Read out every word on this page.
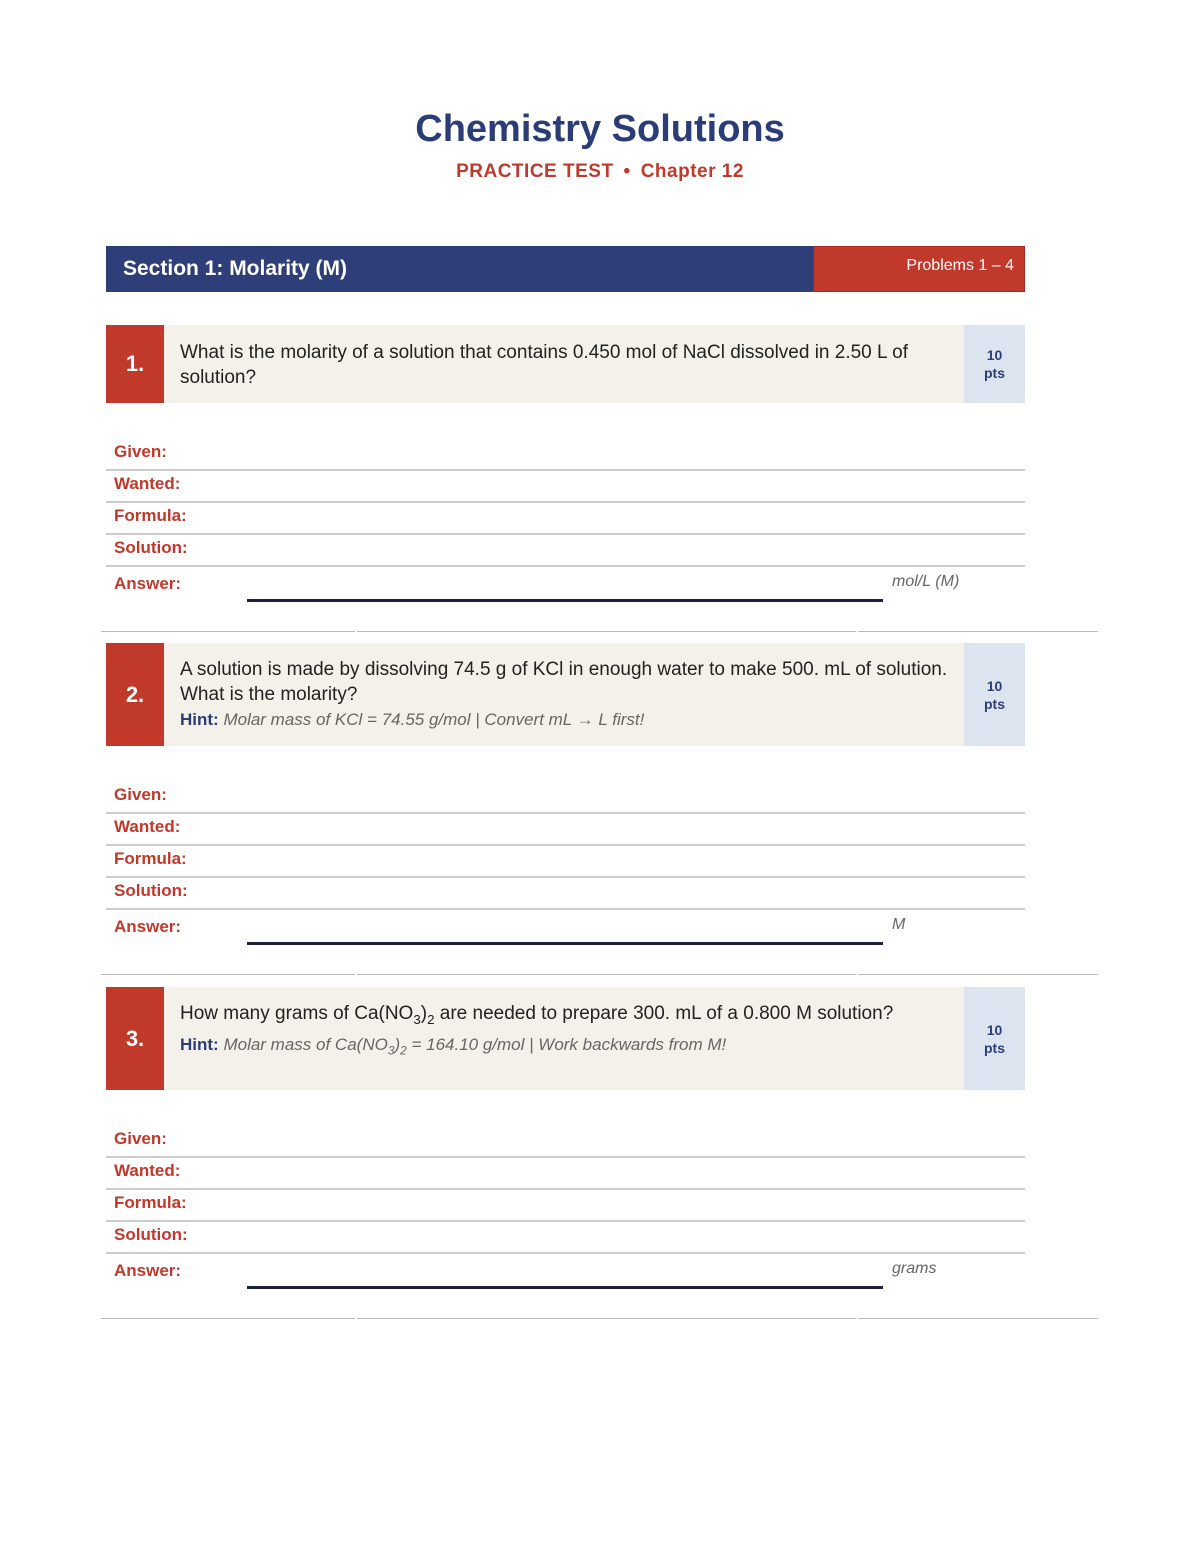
Chemistry Solutions
PRACTICE TEST • Chapter 12
Section 1: Molarity (M)	Problems 1 – 4
1.	What is the molarity of a solution that contains 0.450 mol of NaCl dissolved in 2.50 L of solution?
10
pts
Given:
Wanted:
Formula:
Solution:
Answer:	mol/L (M)
2.
A solution is made by dissolving 74.5 g of KCl in enough water to make 500. mL of solution. What is the molarity?
Hint: Molar mass of KCl = 74.55 g/mol | Convert mL → L first!
10
pts
Given:
Wanted:
Formula:
Solution:
Answer:	M
3.
How many grams of $Ca(NO_3)_2$ are needed to prepare 300. mL of a 0.800 M solution?
Hint: Molar mass of $Ca(NO_3)_2 = 164.10$ g/mol | Work backwards from M!
10
pts
Given:
Wanted:
Formula:
Solution:
Answer:	grams
